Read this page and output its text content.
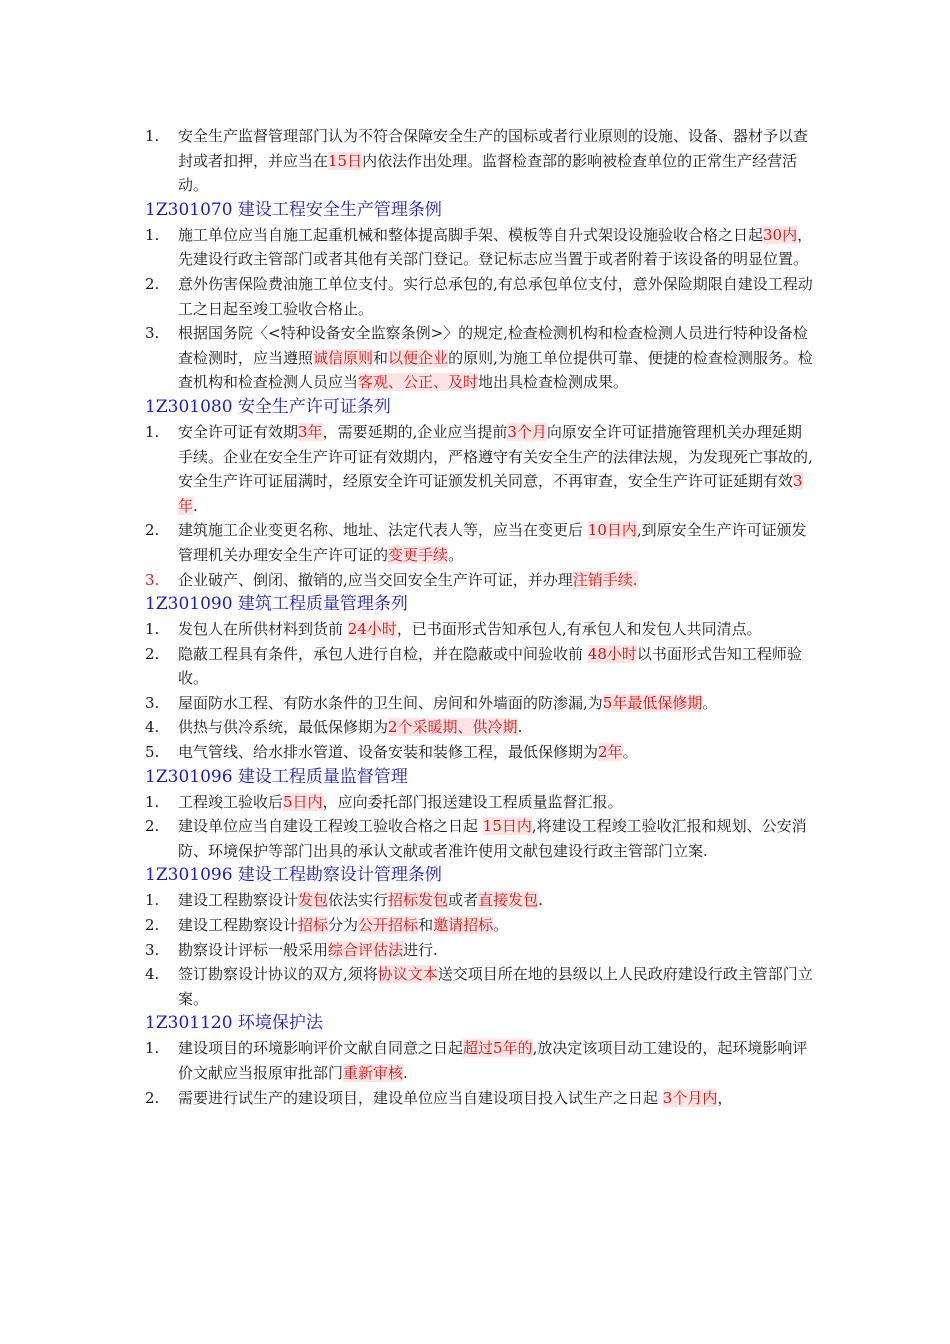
1. 安全生产监督管理部门认为不符合保障安全生产的国标或者行业原则的设施、设备、器材予以查封或者扣押，并应当在15日内依法作出处理。监督检查部的影响被检查单位的正常生产经营活动。
1Z301070 建设工程安全生产管理条例
1. 施工单位应当自施工起重机械和整体提高脚手架、模板等自升式架设设施验收合格之日起30内，先建设行政主管部门或者其他有关部门登记。登记标志应当置于或者附着于该设备的明显位置。
2. 意外伤害保险费油施工单位支付。实行总承包的,有总承包单位支付，意外保险期限自建设工程动工之日起至竣工验收合格止。
3. 根据国务院〈<特种设备安全监察条例>〉的规定,检查检测机构和检查检测人员进行特种设备检查检测时，应当遵照诚信原则和以便企业的原则,为施工单位提供可靠、便捷的检查检测服务。检查机构和检查检测人员应当客观、公正、及时地出具检查检测成果。
1Z301080 安全生产许可证条列
1. 安全许可证有效期3年，需要延期的,企业应当提前3个月向原安全许可证措施管理机关办理延期手续。企业在安全生产许可证有效期内，严格遵守有关安全生产的法律法规，为发现死亡事故的,安全生产许可证届满时，经原安全许可证颁发机关同意，不再审查，安全生产许可证延期有效3年.
2. 建筑施工企业变更名称、地址、法定代表人等，应当在变更后 10日内,到原安全生产许可证颁发管理机关办理安全生产许可证的变更手续。
3. 企业破产、倒闭、撤销的,应当交回安全生产许可证，并办理注销手续.
1Z301090 建筑工程质量管理条列
1. 发包人在所供材料到货前 24小时，已书面形式告知承包人,有承包人和发包人共同清点。
2. 隐蔽工程具有条件，承包人进行自检，并在隐蔽或中间验收前 48小时以书面形式告知工程师验收。
3. 屋面防水工程、有防水条件的卫生间、房间和外墙面的防渗漏,为5年最低保修期。
4. 供热与供冷系统，最低保修期为2个采暖期、供冷期.
5. 电气管线、给水排水管道、设备安装和装修工程，最低保修期为2年。
1Z301096 建设工程质量监督管理
1. 工程竣工验收后5日内，应向委托部门报送建设工程质量监督汇报。
2. 建设单位应当自建设工程竣工验收合格之日起 15日内,将建设工程竣工验收汇报和规划、公安消防、环境保护等部门出具的承认文献或者准许使用文献包建设行政主管部门立案.
1Z301096 建设工程勘察设计管理条例
1. 建设工程勘察设计发包依法实行招标发包或者直接发包.
2. 建设工程勘察设计招标分为公开招标和邀请招标。
3. 勘察设计评标一般采用综合评估法进行.
4. 签订勘察设计协议的双方,须将协议文本送交项目所在地的县级以上人民政府建设行政主管部门立案。
1Z301120 环境保护法
1. 建设项目的环境影响评价文献自同意之日起超过5年的,放决定该项目动工建设的，起环境影响评价文献应当报原审批部门重新审核.
2. 需要进行试生产的建设项目，建设单位应当自建设项目投入试生产之日起 3个月内，
